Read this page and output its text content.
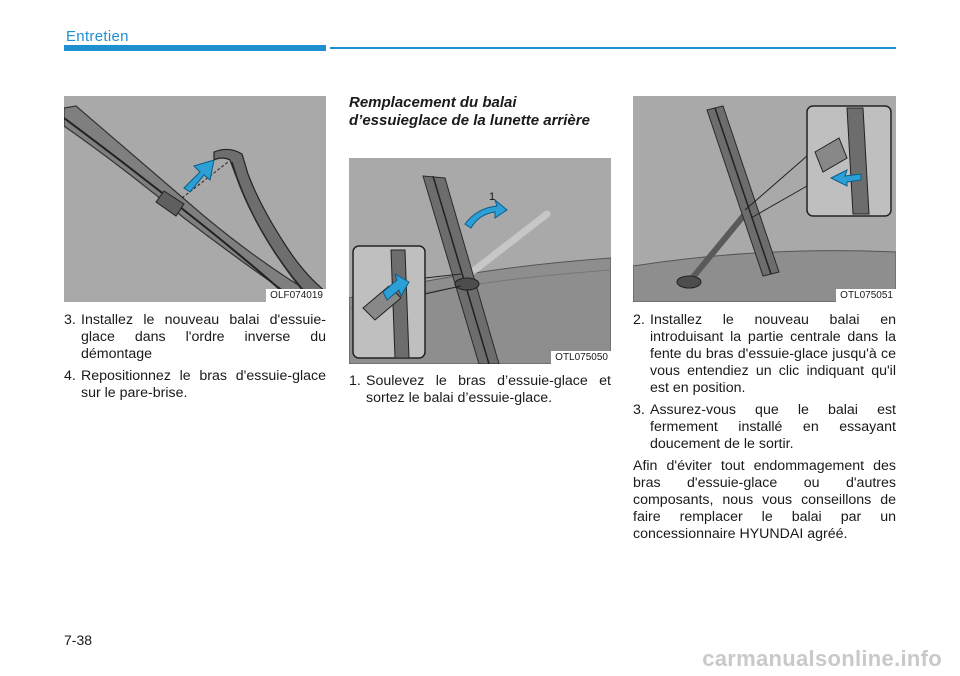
Entretien
OLF074019
Remplacement du balai d’essuieglace de la lunette arrière
1
OTL075050
OTL075051
3. Installez le nouveau balai d'essuie-glace dans l'ordre inverse du démontage
4. Repositionnez le bras d'essuie-glace sur le pare-brise.
1. Soulevez le bras d’essuie-glace et sortez le balai d’essuie-glace.
2. Installez le nouveau balai en introduisant la partie centrale dans la fente du bras d'essuie-glace jusqu'à ce vous entendiez un clic indiquant qu'il est en position.
3. Assurez-vous que le balai est fermement installé en essayant doucement de le sortir.
Afin d'éviter tout endommagement des bras d'essuie-glace ou d'autres composants, nous vous conseillons de faire remplacer le balai par un concessionnaire HYUNDAI agréé.
7-38
carmanualsonline.info
